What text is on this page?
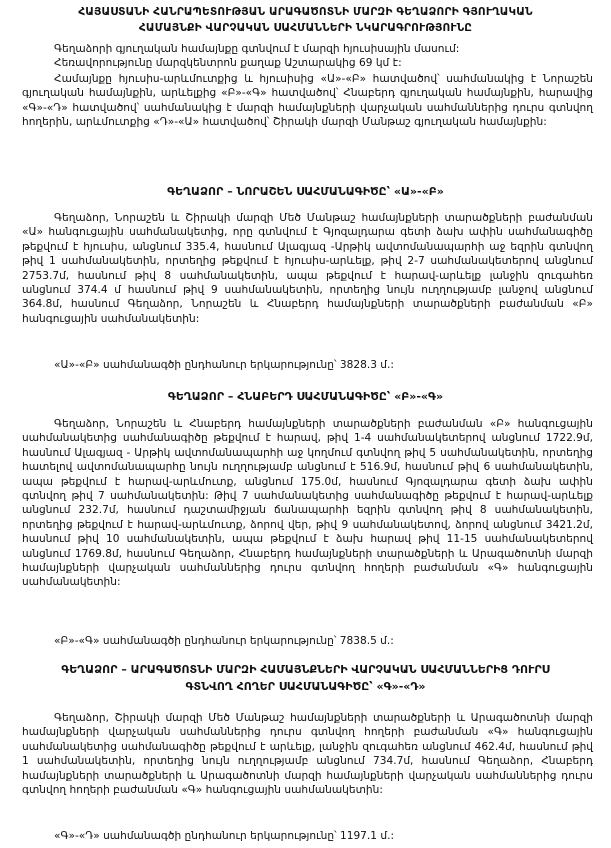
ՀԱՅԱՍՏԱՆԻ ՀԱՆՐԱՊԵՏՈՒԹՅԱՆ ԱՐԱԳԱԾՈՏՆԻ ՄԱՐԶԻ ԳԵՂԱՁՈՐԻ ԳՅՈՒՂԱԿԱՆ
ՀԱՄԱՅՆՔԻ ՎԱՐՉԱԿԱՆ ՍԱՀՄԱՆՆԵՐԻ ՆԿԱՐԱԳՐՈՒԹՅՈՒՆԸ

Գեղաձորի գյուղական համայնքը գտնվում է մարզի հյուսիսային մասում:

Հեռավորությունը մարզկենտրոն քաղաք Աշտարակից 69 կմ է:

Համայնքը հյուսիս-արևմուտքից և հյուսիսից «Ա»-«Բ» հատվածով՝ սահմանակից է Նորաշեն գյուղական համայնքին, արևելքից «Բ»-«Գ» հատվածով՝ Հնաբերդ գյուղական համայնքին, հարավից «Գ»-«Դ» հատվածով՝ սահմանակից է մարզի համայնքների վարչական սահմաններից դուրս գտնվող հողերին, արևմուտքից «Դ»-«Ա» հատվածով՝ Շիրակի մարզի Մանթաշ գյուղական համայնքին:

ԳԵՂԱՁՈՐ – ՆՈՐԱՇԵՆ ՍԱՀՄԱՆԱԳԻԾԸ՝ «Ա»-«Բ»

Գեղաձոր, Նորաշեն և Շիրակի մարզի Մեծ Մանթաշ համայնքների տարածքների բաժանման «Ա» հանգուցային սահմանակետից, որը գտնվում է Գյոզալդարա գետի ձախ ափին սահմանագիծը թեքվում է հյուսիս, անցնում 335.4, հասնում Ալագյազ -Արթիկ ավտոմանապարհի աջ եզրին գտնվող թիվ 1 սահմանակետին, որտեղից թեքվում է հյուսիս-արևելք, թիվ 2-7 սահմանակետերով անցնում 2753.7մ, հասնում թիվ 8 սահմանակետին, ապա թեքվում է հարավ-արևելք լանջին զուգահեռ անցնում 374.4 մ հասնում թիվ 9 սահմանակետին, որտեղից նույն ուղղությամբ լանջով անցնում 364.8մ, հասնում Գեղաձոր, Նորաշեն և Հնաբերդ համայնքների տարածքների բաժանման «Բ» հանգուցային սահմանակետին:

«Ա»-«Բ» սահմանագծի ընդհանուր երկարությունը՝ 3828.3 մ.:

ԳԵՂԱՁՈՐ – ՀՆԱԲԵՐԴ ՍԱՀՄԱՆԱԳԻԾԸ՝ «Բ»-«Գ»

Գեղաձոր, Նորաշեն և Հնաբերդ համայնքների տարածքների բաժանման «Բ» հանգուցային սահմանակետից սահմանագիծը թեքվում է հարավ, թիվ 1-4 սահմանակետերով անցնում 1722.9մ, հասնում Ալագյազ - Արթիկ ավտոմանապարհի աջ կողմում գտնվող թիվ 5 սահմանակետին, որտեղից հատելով ավտոմանապարհը նույն ուղղությամբ անցնում է 516.9մ, հասնում թիվ 6 սահմանակետին, ապա թեքվում է հարավ-արևմուտք, անցնում 175.0մ, հասնում Գյոզալդարա գետի ձախ ափին գտնվող թիվ 7 սահմանակետին: Թիվ 7 սահմանակետից սահմանագիծը թեքվում է հարավ-արևելք անցնում 232.7մ, հասնում դաշտամիջյան ճանապարհի եզրին գտնվող թիվ 8 սահմանակետին, որտեղից թեքվում է հարավ-արևմուտք, ձորով վեր, թիվ 9 սահմանակետով, ձորով անցնում 3421.2մ, հասնում թիվ 10 սահմանակետին, ապա թեքվում է ձախ հարավ թիվ 11-15 սահմանակետերով անցնում 1769.8մ, հասնում Գեղաձոր, Հնաբերդ համայնքների տարածքների և Արագածոտնի մարզի համայնքների վարչական սահմաններից դուրս գտնվող հողերի բաժանման «Գ» հանգուցային սահմանակետին:

«Բ»-«Գ» սահմանագծի ընդհանուր երկարությունը՝ 7838.5 մ.:

ԳԵՂԱՁՈՐ – ԱՐԱԳԱԾՈՏՆԻ ՄԱՐԶԻ ՀԱՄԱՅՆՔՆԵՐԻ ՎԱՐՉԱԿԱՆ ՍԱՀՄԱՆՆԵՐԻՑ ԴՈՒՐՍ
ԳՏՆՎՈՂ ՀՈՂԵՐ ՍԱՀՄԱՆԱԳԻԾԸ՝ «Գ»-«Դ»

Գեղաձոր, Շիրակի մարզի Մեծ Մանթաշ համայնքների տարածքների և Արագածոտնի մարզի համայնքների վարչական սահմաններից դուրս գտնվող հողերի բաժանման «Գ» հանգուցային սահմանակետից սահմանագիծը թեքվում է արևելք, լանջին զուգահեռ անցնում 462.4մ, հասնում թիվ 1 սահմանակետին, որտեղից նույն ուղղությամբ անցնում 734.7մ, հասնում Գեղաձոր, Հնաբերդ համայնքների տարածքների և Արագածոտնի մարզի համայնքների վարչական սահմաններից դուրս գտնվող հողերի բաժանման «Գ» հանգուցային սահմանակետին:

«Գ»-«Դ» սահմանագծի ընդհանուր երկարությունը՝ 1197.1 մ.:
